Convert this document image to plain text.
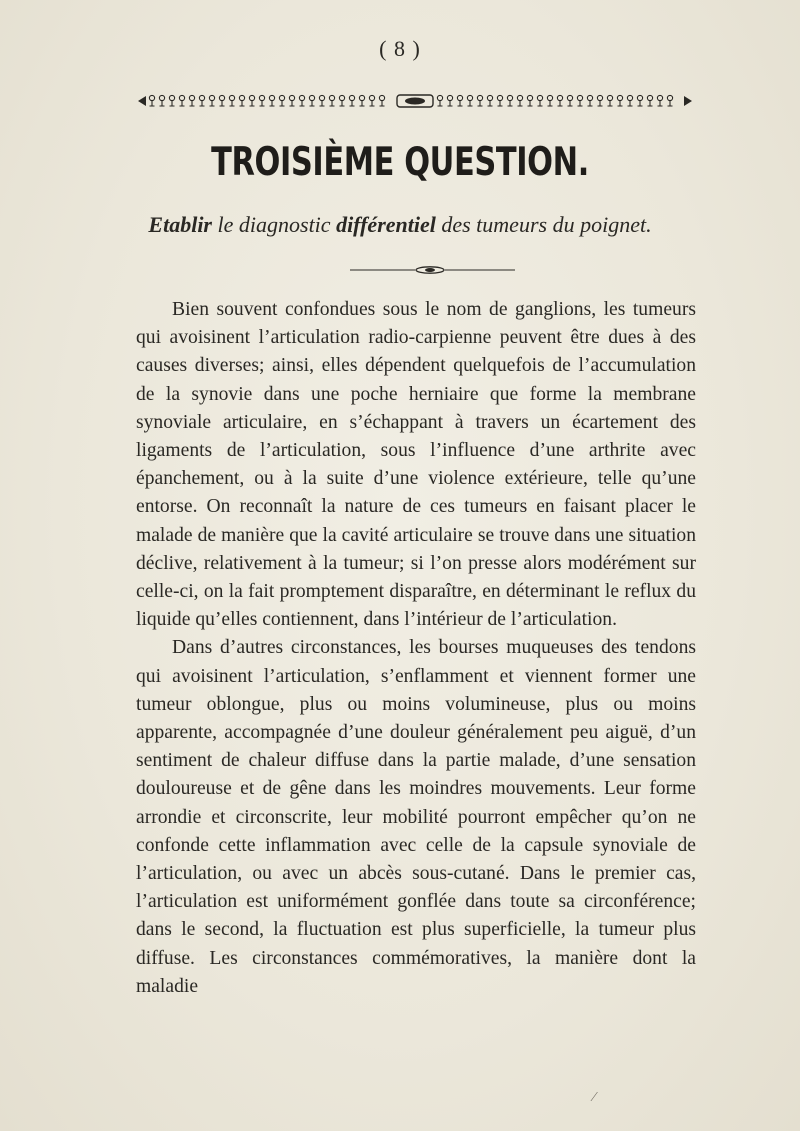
( 8 )
TROISIÈME QUESTION.
Etablir le diagnostic différentiel des tumeurs du poignet.

Bien souvent confondues sous le nom de ganglions, les tumeurs qui avoisinent l’articulation radio-carpienne peuvent être dues à des causes diverses; ainsi, elles dépendent quelquefois de l’accumulation de la synovie dans une poche herniaire que forme la membrane synoviale articulaire, en s’échappant à travers un écartement des ligaments de l’articulation, sous l’influence d’une arthrite avec épanchement, ou à la suite d’une violence extérieure, telle qu’une entorse. On reconnaît la nature de ces tumeurs en faisant placer le malade de manière que la cavité articulaire se trouve dans une situation déclive, relativement à la tumeur; si l’on presse alors modérément sur celle-ci, on la fait promptement disparaître, en déterminant le reflux du liquide qu’elles contiennent, dans l’intérieur de l’articulation.

Dans d’autres circonstances, les bourses muqueuses des tendons qui avoisinent l’articulation, s’enflamment et viennent former une tumeur oblongue, plus ou moins volumineuse, plus ou moins apparente, accompagnée d’une douleur généralement peu aiguë, d’un sentiment de chaleur diffuse dans la partie malade, d’une sensation douloureuse et de gêne dans les moindres mouvements. Leur forme arrondie et circonscrite, leur mobilité pourront empêcher qu’on ne confonde cette inflammation avec celle de la capsule synoviale de l’articulation, ou avec un abcès sous-cutané. Dans le premier cas, l’articulation est uniformément gonflée dans toute sa circonférence; dans le second, la fluctuation est plus superficielle, la tumeur plus diffuse. Les circonstances commémoratives, la manière dont la maladie

⁄
